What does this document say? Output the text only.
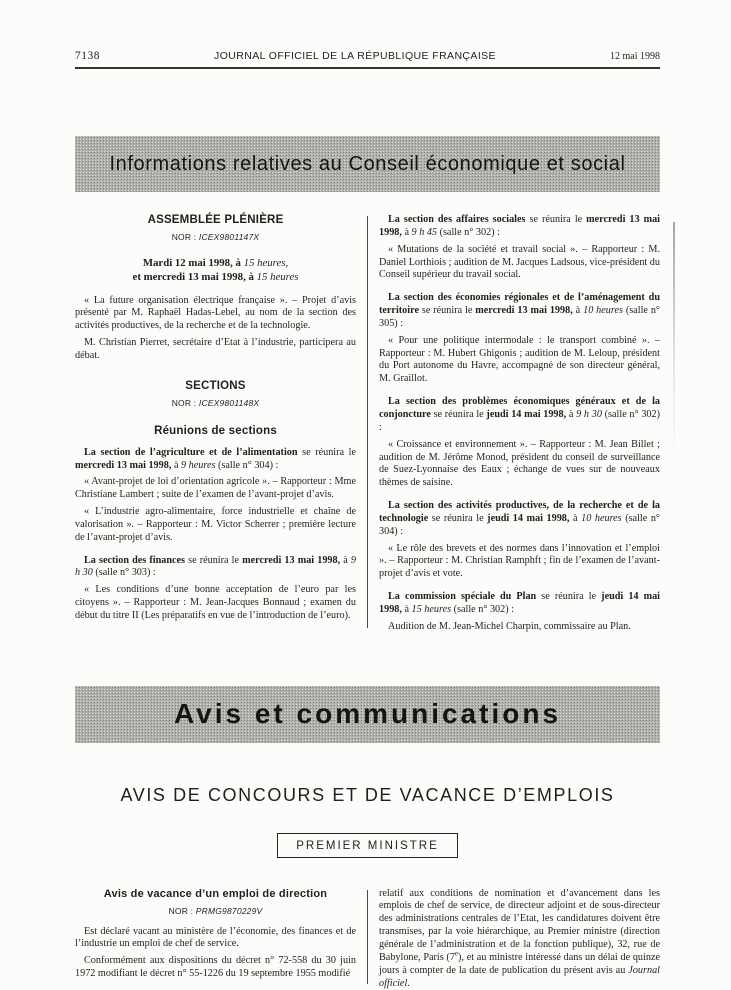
7138	JOURNAL OFFICIEL DE LA RÉPUBLIQUE FRANÇAISE	12 mai 1998
Informations relatives au Conseil économique et social
ASSEMBLÉE PLÉNIÈRE

NOR : ICEX9801147X

Mardi 12 mai 1998, à 15 heures,
et mercredi 13 mai 1998, à 15 heures

« La future organisation électrique française ». – Projet d’avis présenté par M. Raphaël Hadas-Lebel, au nom de la section des activités productives, de la recherche et de la technologie.

M. Christian Pierret, secrétaire d’Etat à l’industrie, participera au débat.

SECTIONS

NOR : ICEX9801148X

Réunions de sections

La section de l’agriculture et de l’alimentation se réunira le mercredi 13 mai 1998, à 9 heures (salle n° 304) :

« Avant-projet de loi d’orientation agricole ». – Rapporteur : Mme Christiane Lambert ; suite de l’examen de l’avant-projet d’avis.

« L’industrie agro-alimentaire, force industrielle et chaîne de valorisation ». – Rapporteur : M. Victor Scherrer ; première lecture de l’avant-projet d’avis.

La section des finances se réunira le mercredi 13 mai 1998, à 9 h 30 (salle n° 303) :

« Les conditions d’une bonne acceptation de l’euro par les citoyens ». – Rapporteur : M. Jean-Jacques Bonnaud ; examen du début du titre II (Les préparatifs en vue de l’introduction de l’euro).

La section des affaires sociales se réunira le mercredi 13 mai 1998, à 9 h 45 (salle n° 302) :

« Mutations de la société et travail social ». – Rapporteur : M. Daniel Lorthiois ; audition de M. Jacques Ladsous, vice-président du Conseil supérieur du travail social.

La section des économies régionales et de l’aménagement du territoire se réunira le mercredi 13 mai 1998, à 10 heures (salle n° 305) :

« Pour une politique intermodale : le transport combiné ». – Rapporteur : M. Hubert Ghigonis ; audition de M. Leloup, président du Port autonome du Havre, accompagné de son directeur général, M. Graillot.

La section des problèmes économiques généraux et de la conjoncture se réunira le jeudi 14 mai 1998, à 9 h 30 (salle n° 302) :

« Croissance et environnement ». – Rapporteur : M. Jean Billet ; audition de M. Jérôme Monod, président du conseil de surveillance de Suez-Lyonnaise des Eaux ; échange de vues sur de nouveaux thèmes de saisine.

La section des activités productives, de la recherche et de la technologie se réunira le jeudi 14 mai 1998, à 10 heures (salle n° 304) :

« Le rôle des brevets et des normes dans l’innovation et l’emploi ». – Rapporteur : M. Christian Ramphft ; fin de l’examen de l’avant-projet d’avis et vote.

La commission spéciale du Plan se réunira le jeudi 14 mai 1998, à 15 heures (salle n° 302) :

Audition de M. Jean-Michel Charpin, commissaire au Plan.

Avis et communications
AVIS DE CONCOURS ET DE VACANCE D’EMPLOIS
PREMIER MINISTRE
Avis de vacance d’un emploi de direction

NOR : PRMG9870229V

Est déclaré vacant au ministère de l’économie, des finances et de l’industrie un emploi de chef de service.

Conformément aux dispositions du décret n° 72-558 du 30 juin 1972 modifiant le décret n° 55-1226 du 19 septembre 1955 modifié

relatif aux conditions de nomination et d’avancement dans les emplois de chef de service, de directeur adjoint et de sous-directeur des administrations centrales de l’Etat, les candidatures doivent être transmises, par la voie hiérarchique, au Premier ministre (direction générale de l’administration et de la fonction publique), 32, rue de Babylone, Paris (7e), et au ministre intéressé dans un délai de quinze jours à compter de la date de publication du présent avis au Journal officiel.
